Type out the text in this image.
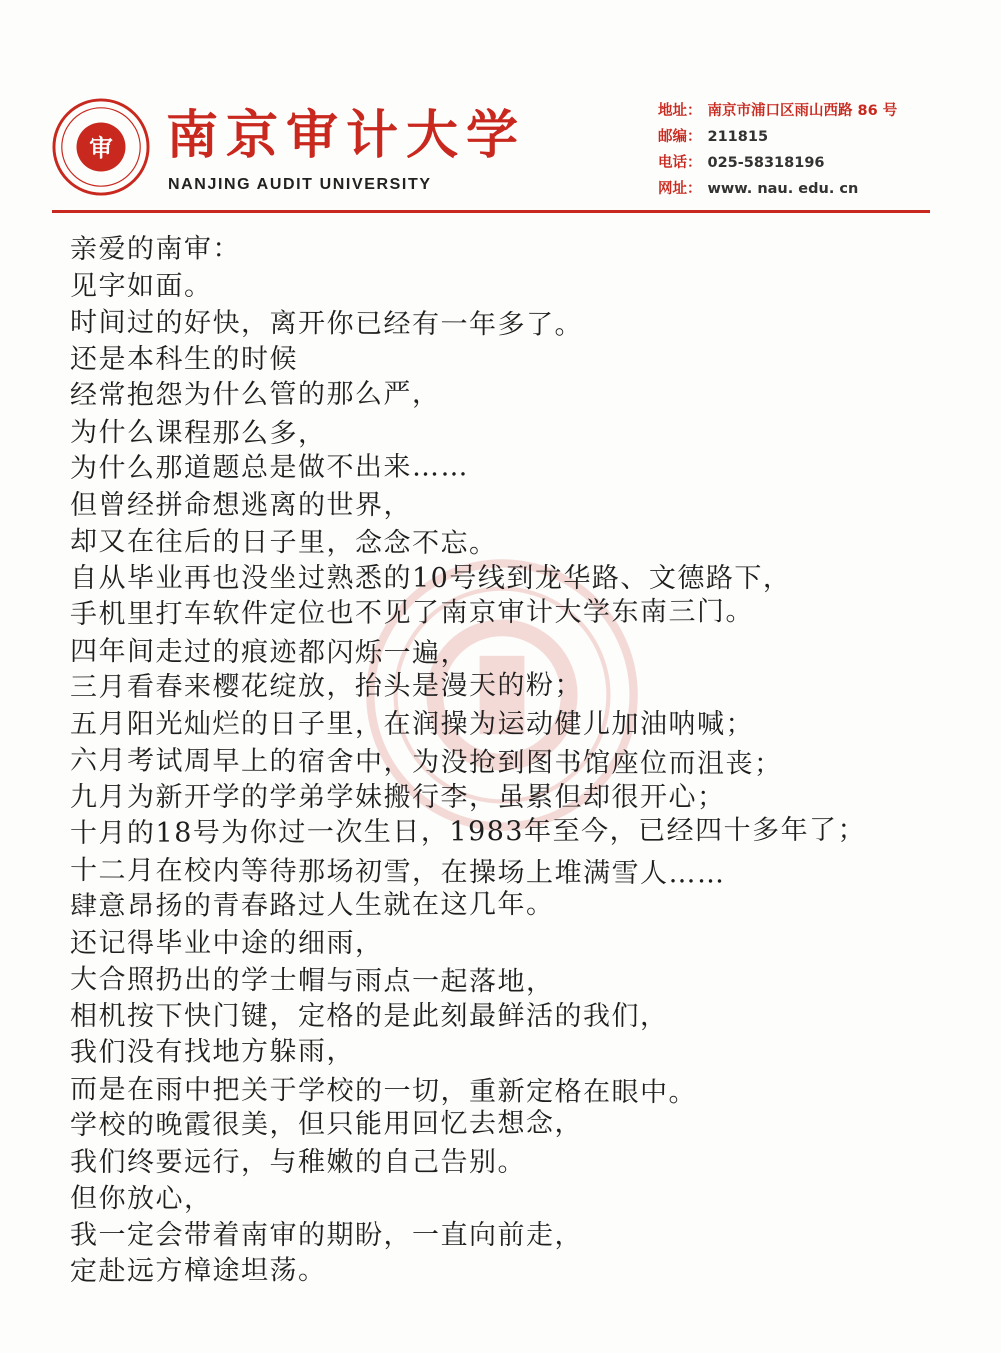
审 南京审计大学
NANJING AUDIT UNIVERSITY
地址： 南京市浦口区雨山西路 86 号
邮编： 211815
电话： 025-58318196
网址： www. nau. edu. cn
亲爱的南审：
见字如面。
时间过的好快，离开你已经有一年多了。
还是本科生的时候
经常抱怨为什么管的那么严，
为什么课程那么多，
为什么那道题总是做不出来……
但曾经拼命想逃离的世界，
却又在往后的日子里，念念不忘。
自从毕业再也没坐过熟悉的10号线到龙华路、文德路下，
手机里打车软件定位也不见了南京审计大学东南三门。
四年间走过的痕迹都闪烁一遍，
三月看春来樱花绽放，抬头是漫天的粉；
五月阳光灿烂的日子里，在润操为运动健儿加油呐喊；
六月考试周早上的宿舍中，为没抢到图书馆座位而沮丧；
九月为新开学的学弟学妹搬行李，虽累但却很开心；
十月的18号为你过一次生日，1983年至今，已经四十多年了；
十二月在校内等待那场初雪，在操场上堆满雪人……
肆意昂扬的青春路过人生就在这几年。
还记得毕业中途的细雨，
大合照扔出的学士帽与雨点一起落地，
相机按下快门键，定格的是此刻最鲜活的我们，
我们没有找地方躲雨，
而是在雨中把关于学校的一切，重新定格在眼中。
学校的晚霞很美，但只能用回忆去想念，
我们终要远行，与稚嫩的自己告别。
但你放心，
我一定会带着南审的期盼，一直向前走，
定赴远方樟途坦荡。
